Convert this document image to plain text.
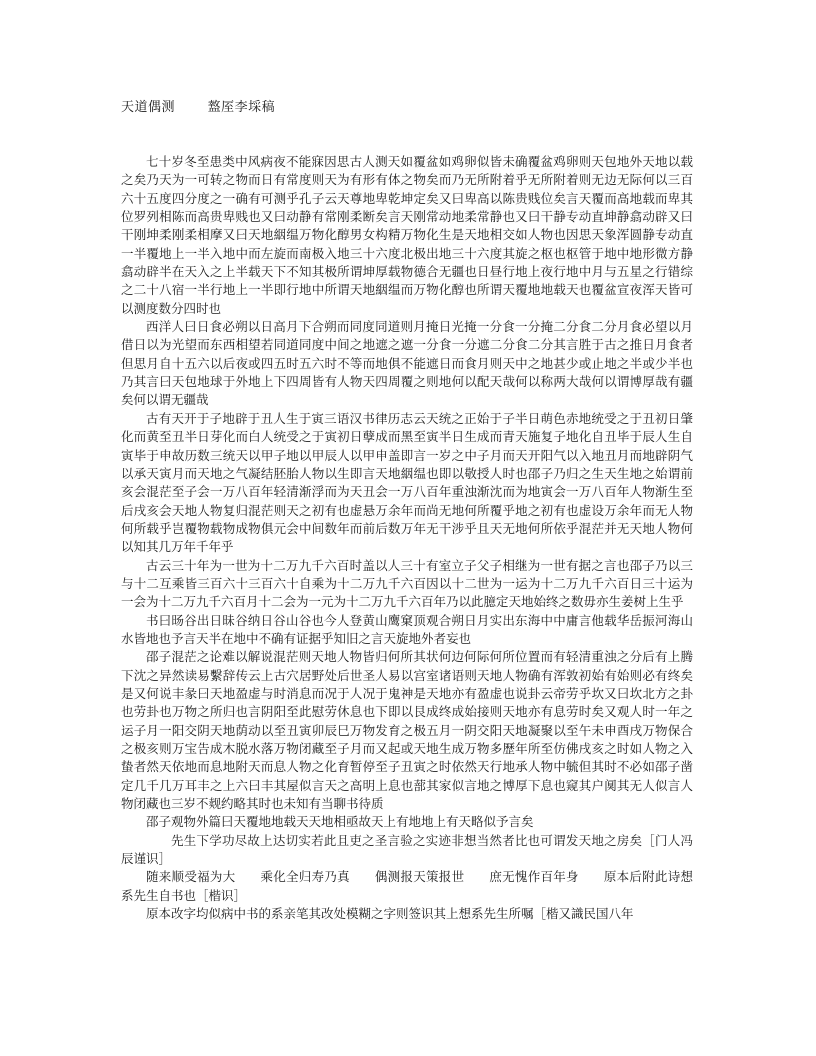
天道偶测	盩厔李埰稿

七十岁冬至患类中风病夜不能寐因思古人测天如覆盆如鸡卵似皆未确覆盆鸡卵则天包地外天地以载之矣乃天为一可转之物而日有常度则天为有形有体之物矣而乃无所附着乎无所附着则无边无际何以三百六十五度四分度之一确有可测乎孔子云天尊地卑乾坤定矣又曰卑高以陈贵贱位矣言天覆而高地载而卑其位罗列相陈而高贵卑贱也又曰动静有常刚柔断矣言天刚常动地柔常静也又曰干静专动直坤静翕动辟又曰干刚坤柔刚柔相摩又曰天地絪缊万物化醇男女构精万物化生是天地相交如人物也因思天象浑圆静专动直一半覆地上一半入地中而左旋而南极入地三十六度北极出地三十六度其旋之枢也枢管于地中地形微方静翕动辟半在天入之上半载天下不知其极所谓坤厚载物德合无疆也日昼行地上夜行地中月与五星之行错综之二十八宿一半行地上一半即行地中所谓天地絪缊而万物化醇也所谓天覆地地载天也覆盆宣夜浑天皆可以测度数分四时也

西洋人曰日食必朔以日高月下合朔而同度同道则月掩日光掩一分食一分掩二分食二分月食必望以月借日以为光望而东西相望若同道同度中间之地遮之遮一分食一分遮二分食二分其言胜于古之推日月食者但思月自十五六以后夜或四五时五六时不等而地俱不能遮日而食月则天中之地甚少或止地之半或少半也乃其言曰天包地球于外地上下四周皆有人物天四周覆之则地何以配天哉何以称两大哉何以谓博厚哉有疆矣何以谓无疆哉

古有天开于子地辟于丑人生于寅三语汉书律历志云天统之正始于子半日萌色赤地统受之于丑初日肇化而黄至丑半日芽化而白人统受之于寅初日孽成而黑至寅半日生成而青天施复子地化自丑毕于辰人生自寅毕于申故历数三统天以甲子地以甲辰人以甲申盖即言一岁之中子月而天开阳气以入地丑月而地辟阴气以承天寅月而天地之气凝结胚胎人物以生即言天地絪缊也即以敬授人时也邵子乃归之生天生地之始谓前亥会混茫至子会一万八百年轻清渐浮而为天丑会一万八百年重浊渐沈而为地寅会一万八百年人物渐生至后戌亥会天地人物复归混茫则天之初有也虚悬万余年而尚无地何所覆乎地之初有也虚设万余年而无人物何所载乎岂覆物载物成物俱元会中间数年而前后数万年无干涉乎且天无地何所依乎混茫并无天地人物何以知其几万年千年乎

古云三十年为一世为十二万九千六百时盖以人三十有室立子父子相继为一世有据之言也邵子乃以三与十二互乘皆三百六十三百六十自乘为十二万九千六百因以十二世为一运为十二万九千六百日三十运为一会为十二万九千六百月十二会为一元为十二万九千六百年乃以此臆定天地始终之数毋亦生姜树上生乎

书曰旸谷出日昧谷纳日谷山谷也今人登黄山鹰窠顶观合朔日月实出东海中中庸言他载华岳振河海山水皆地也予言天半在地中不确有证据乎知旧之言天旋地外者妄也

邵子混茫之论难以解说混茫则天地人物皆归何所其状何边何际何所位置而有轻清重浊之分后有上腾下沈之异然读易繫辞传云上古穴居野处后世圣人易以宫室诸语则天地人物确有浑敦初始有始则必有终矣是又何说丰彖曰天地盈虚与时消息而况于人况于鬼神是天地亦有盈虚也说卦云帝劳乎坎又曰坎北方之卦也劳卦也万物之所归也言阴阳至此慰劳休息也下即以艮成终成始接则天地亦有息劳时矣又观人时一年之运子月一阳交阴天地荫动以至丑寅卯辰巳万物发育之极五月一阴交阳天地凝聚以至午未申酉戌万物保合之极亥则万宝告成木脱水落万物闭藏至子月而又起或天地生成万物多歷年所至仿佛戌亥之时如人物之入蛰者然天依地而息地附天而息人物之化育暂停至子丑寅之时依然天行地承人物中毓但其时不必如邵子凿定几千几万耳丰之上六曰丰其屋似言天之高明上息也蔀其家似言地之博厚下息也窥其户阒其无人似言人物闭藏也三岁不觌约略其时也未知有当聊书待质

邵子观物外篇曰天覆地地载天天地相亟故天上有地地上有天略似予言矣

先生下学功尽故上达切实若此且吏之圣言验之实迹非想当然者比也可谓发天地之房矣［门人冯辰谨识］

随来顺受福为大 乘化全归寿乃真 偶测报天策报世 庶无愧作百年身 原本后附此诗想系先生自书也［楷识］

原本改字均似病中书的系亲笔其改处模糊之字则签识其上想系先生所嘱［楷又識民国八年
